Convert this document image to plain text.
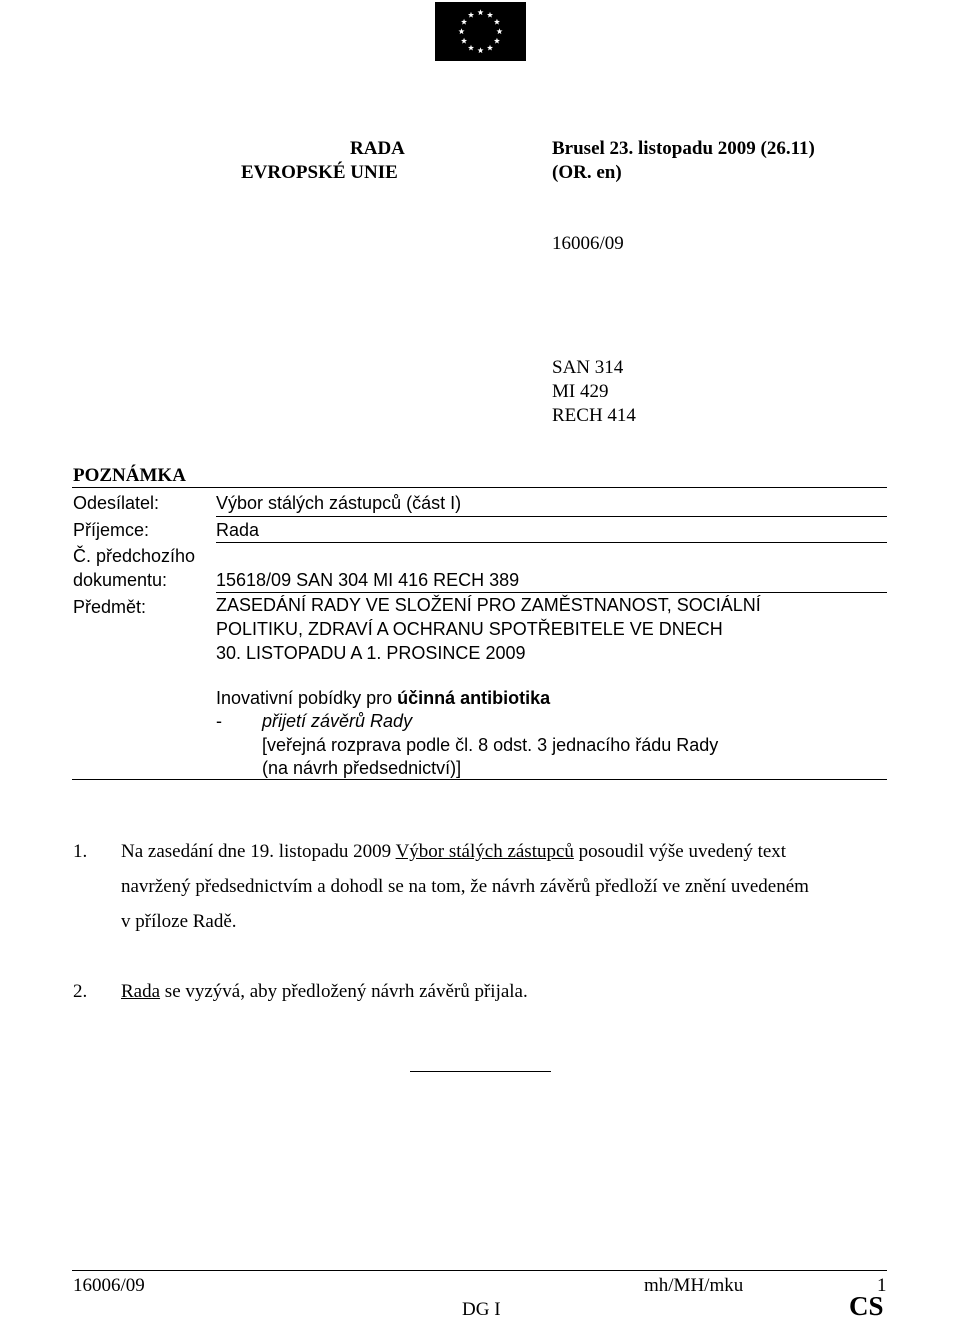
RADA
EVROPSKÉ UNIE
Brusel 23. listopadu 2009 (26.11)
(OR. en)
16006/09
SAN 314
MI 429
RECH 414
POZNÁMKA
Odesílatel:	Výbor stálých zástupců (část I)
Příjemce:	Rada
Č. předchozího
dokumentu:	15618/09 SAN 304 MI 416 RECH 389
Předmět:	ZASEDÁNÍ RADY VE SLOŽENÍ PRO ZAMĚSTNANOST, SOCIÁLNÍ
POLITIKU, ZDRAVÍ A OCHRANU SPOTŘEBITELE VE DNECH
30. LISTOPADU A 1. PROSINCE 2009
Inovativní pobídky pro účinná antibiotika
- přijetí závěrů Rady
[veřejná rozprava podle čl. 8 odst. 3 jednacího řádu Rady
(na návrh předsednictví)]
1. Na zasedání dne 19. listopadu 2009 Výbor stálých zástupců posoudil výše uvedený text
navržený předsednictvím a dohodl se na tom, že návrh závěrů předloží ve znění uvedeném
v příloze Radě.
2. Rada se vyzývá, aby předložený návrh závěrů přijala.
16006/09	mh/MH/mku	1
DG I	CS
